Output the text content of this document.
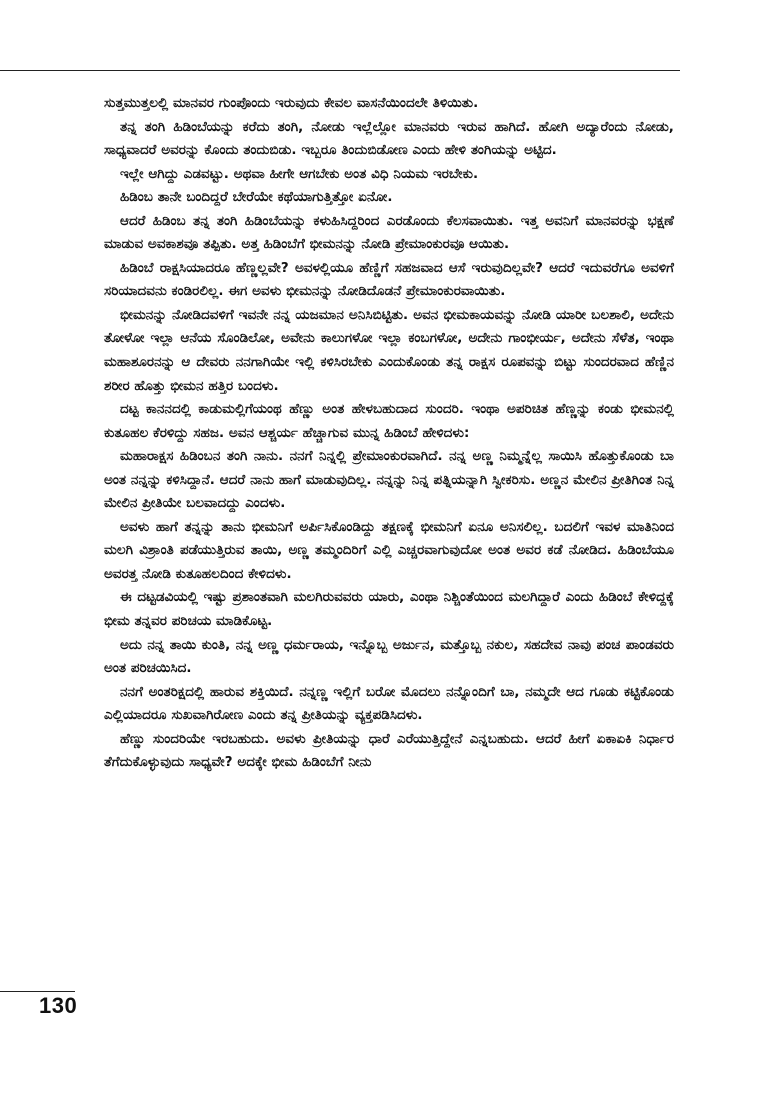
ಸುತ್ತಮುತ್ತಲಲ್ಲಿ ಮಾನವರ ಗುಂಪೊಂದು ಇರುವುದು ಕೇವಲ ವಾಸನೆಯಿಂದಲೇ ತಿಳಿಯಿತು.

ತನ್ನ ತಂಗಿ ಹಿಡಿಂಬೆಯನ್ನು ಕರೆದು ತಂಗಿ, ನೋಡು ಇಲ್ಲೆಲ್ಲೋ ಮಾನವರು ಇರುವ ಹಾಗಿದೆ. ಹೋಗಿ ಅದ್ಯಾರೆಂದು ನೋಡು, ಸಾಧ್ಯವಾದರೆ ಅವರನ್ನು ಕೊಂದು ತಂದುಬಿಡು. ಇಬ್ಬರೂ ತಿಂದುಬಿಡೋಣ ಎಂದು ಹೇಳಿ ತಂಗಿಯನ್ನು ಅಟ್ಟಿದ.

ಇಲ್ಲೇ ಆಗಿದ್ದು ಎಡವಟ್ಟು. ಅಥವಾ ಹೀಗೇ ಆಗಬೇಕು ಅಂತ ವಿಧಿ ನಿಯಮ ಇರಬೇಕು.

ಹಿಡಿಂಬ ತಾನೇ ಬಂದಿದ್ದರೆ ಬೇರೆಯೇ ಕಥೆಯಾಗುತ್ತಿತ್ತೋ ಏನೋ.

ಆದರೆ ಹಿಡಿಂಬ ತನ್ನ ತಂಗಿ ಹಿಡಿಂಬೆಯನ್ನು ಕಳುಹಿಸಿದ್ದರಿಂದ ಎರಡೊಂದು ಕೆಲಸವಾಯಿತು. ಇತ್ತ ಅವನಿಗೆ ಮಾನವರನ್ನು ಭಕ್ಷಣೆ ಮಾಡುವ ಅವಕಾಶವೂ ತಪ್ಪಿತು. ಅತ್ತ ಹಿಡಿಂಬೆಗೆ ಭೀಮನನ್ನು ನೋಡಿ ಪ್ರೇಮಾಂಕುರವೂ ಆಯಿತು.

ಹಿಡಿಂಬೆ ರಾಕ್ಷಸಿಯಾದರೂ ಹೆಣ್ಣಲ್ಲವೇ? ಅವಳಲ್ಲಿಯೂ ಹೆಣ್ಣಿಗೆ ಸಹಜವಾದ ಆಸೆ ಇರುವುದಿಲ್ಲವೇ? ಆದರೆ ಇದುವರೆಗೂ ಅವಳಿಗೆ ಸರಿಯಾದವನು ಕಂಡಿರಲಿಲ್ಲ. ಈಗ ಅವಳು ಭೀಮನನ್ನು ನೋಡಿದೊಡನೆ ಪ್ರೇಮಾಂಕುರವಾಯಿತು.

ಭೀಮನನ್ನು ನೋಡಿದವಳಿಗೆ ಇವನೇ ನನ್ನ ಯಜಮಾನ ಅನಿಸಿಬಿಟ್ಟಿತು. ಅವನ ಭೀಮಕಾಯವನ್ನು ನೋಡಿ ಯಾರೀ ಬಲಶಾಲಿ, ಅದೇನು ತೋಳೋ ಇಲ್ಲಾ ಆನೆಯ ಸೊಂಡಿಲೋ, ಅವೇನು ಕಾಲುಗಳೋ ಇಲ್ಲಾ ಕಂಬಗಳೋ, ಅದೇನು ಗಾಂಭೀರ್ಯ, ಅದೇನು ಸೆಳೆತ, ಇಂಥಾ ಮಹಾಶೂರನನ್ನು ಆ ದೇವರು ನನಗಾಗಿಯೇ ಇಲ್ಲಿ ಕಳಿಸಿರಬೇಕು ಎಂದುಕೊಂಡು ತನ್ನ ರಾಕ್ಷಸ ರೂಪವನ್ನು ಬಿಟ್ಟು ಸುಂದರವಾದ ಹೆಣ್ಣಿನ ಶರೀರ ಹೊತ್ತು ಭೀಮನ ಹತ್ತಿರ ಬಂದಳು.

ದಟ್ಟ ಕಾನನದಲ್ಲಿ ಕಾಡುಮಲ್ಲಿಗೆಯಂಥ ಹೆಣ್ಣು ಅಂತ ಹೇಳಬಹುದಾದ ಸುಂದರಿ. ಇಂಥಾ ಅಪರಿಚಿತ ಹೆಣ್ಣನ್ನು ಕಂಡು ಭೀಮನಲ್ಲಿ ಕುತೂಹಲ ಕೆರಳಿದ್ದು ಸಹಜ. ಅವನ ಆಶ್ಚರ್ಯ ಹೆಚ್ಚಾಗುವ ಮುನ್ನ ಹಿಡಿಂಬೆ ಹೇಳಿದಳು:

ಮಹಾರಾಕ್ಷಸ ಹಿಡಿಂಬನ ತಂಗಿ ನಾನು. ನನಗೆ ನಿನ್ನಲ್ಲಿ ಪ್ರೇಮಾಂಕುರವಾಗಿದೆ. ನನ್ನ ಅಣ್ಣ ನಿಮ್ಮನ್ನೆಲ್ಲ ಸಾಯಿಸಿ ಹೊತ್ತುಕೊಂಡು ಬಾ ಅಂತ ನನ್ನನ್ನು ಕಳಿಸಿದ್ದಾನೆ. ಆದರೆ ನಾನು ಹಾಗೆ ಮಾಡುವುದಿಲ್ಲ. ನನ್ನನ್ನು ನಿನ್ನ ಪತ್ನಿಯನ್ನಾಗಿ ಸ್ವೀಕರಿಸು. ಅಣ್ಣನ ಮೇಲಿನ ಪ್ರೀತಿಗಿಂತ ನಿನ್ನ ಮೇಲಿನ ಪ್ರೀತಿಯೇ ಬಲವಾದದ್ದು ಎಂದಳು.

ಅವಳು ಹಾಗೆ ತನ್ನನ್ನು ತಾನು ಭೀಮನಿಗೆ ಅರ್ಪಿಸಿಕೊಂಡಿದ್ದು ತಕ್ಷಣಕ್ಕೆ ಭೀಮನಿಗೆ ಏನೂ ಅನಿಸಲಿಲ್ಲ. ಬದಲಿಗೆ ಇವಳ ಮಾತಿನಿಂದ ಮಲಗಿ ವಿಶ್ರಾಂತಿ ಪಡೆಯುತ್ತಿರುವ ತಾಯಿ, ಅಣ್ಣ ತಮ್ಮಂದಿರಿಗೆ ಎಲ್ಲಿ ಎಚ್ಚರವಾಗುವುದೋ ಅಂತ ಅವರ ಕಡೆ ನೋಡಿದ. ಹಿಡಿಂಬೆಯೂ ಅವರತ್ತ ನೋಡಿ ಕುತೂಹಲದಿಂದ ಕೇಳಿದಳು.

ಈ ದಟ್ಟಡವಿಯಲ್ಲಿ ಇಷ್ಟು ಪ್ರಶಾಂತವಾಗಿ ಮಲಗಿರುವವರು ಯಾರು, ಎಂಥಾ ನಿಶ್ಚಿಂತೆಯಿಂದ ಮಲಗಿದ್ದಾರೆ ಎಂದು ಹಿಡಿಂಬೆ ಕೇಳಿದ್ದಕ್ಕೆ ಭೀಮ ತನ್ನವರ ಪರಿಚಯ ಮಾಡಿಕೊಟ್ಟ.

ಅದು ನನ್ನ ತಾಯಿ ಕುಂತಿ, ನನ್ನ ಅಣ್ಣ ಧರ್ಮರಾಯ, ಇನ್ನೊಬ್ಬ ಅರ್ಜುನ, ಮತ್ತೊಬ್ಬ ನಕುಲ, ಸಹದೇವ ನಾವು ಪಂಚ ಪಾಂಡವರು ಅಂತ ಪರಿಚಯಿಸಿದ.

ನನಗೆ ಅಂತರಿಕ್ಷದಲ್ಲಿ ಹಾರುವ ಶಕ್ತಿಯಿದೆ. ನನ್ನಣ್ಣ ಇಲ್ಲಿಗೆ ಬರೋ ಮೊದಲು ನನ್ನೊಂದಿಗೆ ಬಾ, ನಮ್ಮದೇ ಆದ ಗೂಡು ಕಟ್ಟಿಕೊಂಡು ಎಲ್ಲಿಯಾದರೂ ಸುಖವಾಗಿರೋಣ ಎಂದು ತನ್ನ ಪ್ರೀತಿಯನ್ನು ವ್ಯಕ್ತಪಡಿಸಿದಳು.

ಹೆಣ್ಣು ಸುಂದರಿಯೇ ಇರಬಹುದು. ಅವಳು ಪ್ರೀತಿಯನ್ನು ಧಾರೆ ಎರೆಯುತ್ತಿದ್ದೇನೆ ಎನ್ನಬಹುದು. ಆದರೆ ಹೀಗೆ ಏಕಾಏಕಿ ನಿರ್ಧಾರ ತೆಗೆದುಕೊಳ್ಳುವುದು ಸಾಧ್ಯವೇ? ಅದಕ್ಕೇ ಭೀಮ ಹಿಡಿಂಬೆಗೆ ನೀನು

130
